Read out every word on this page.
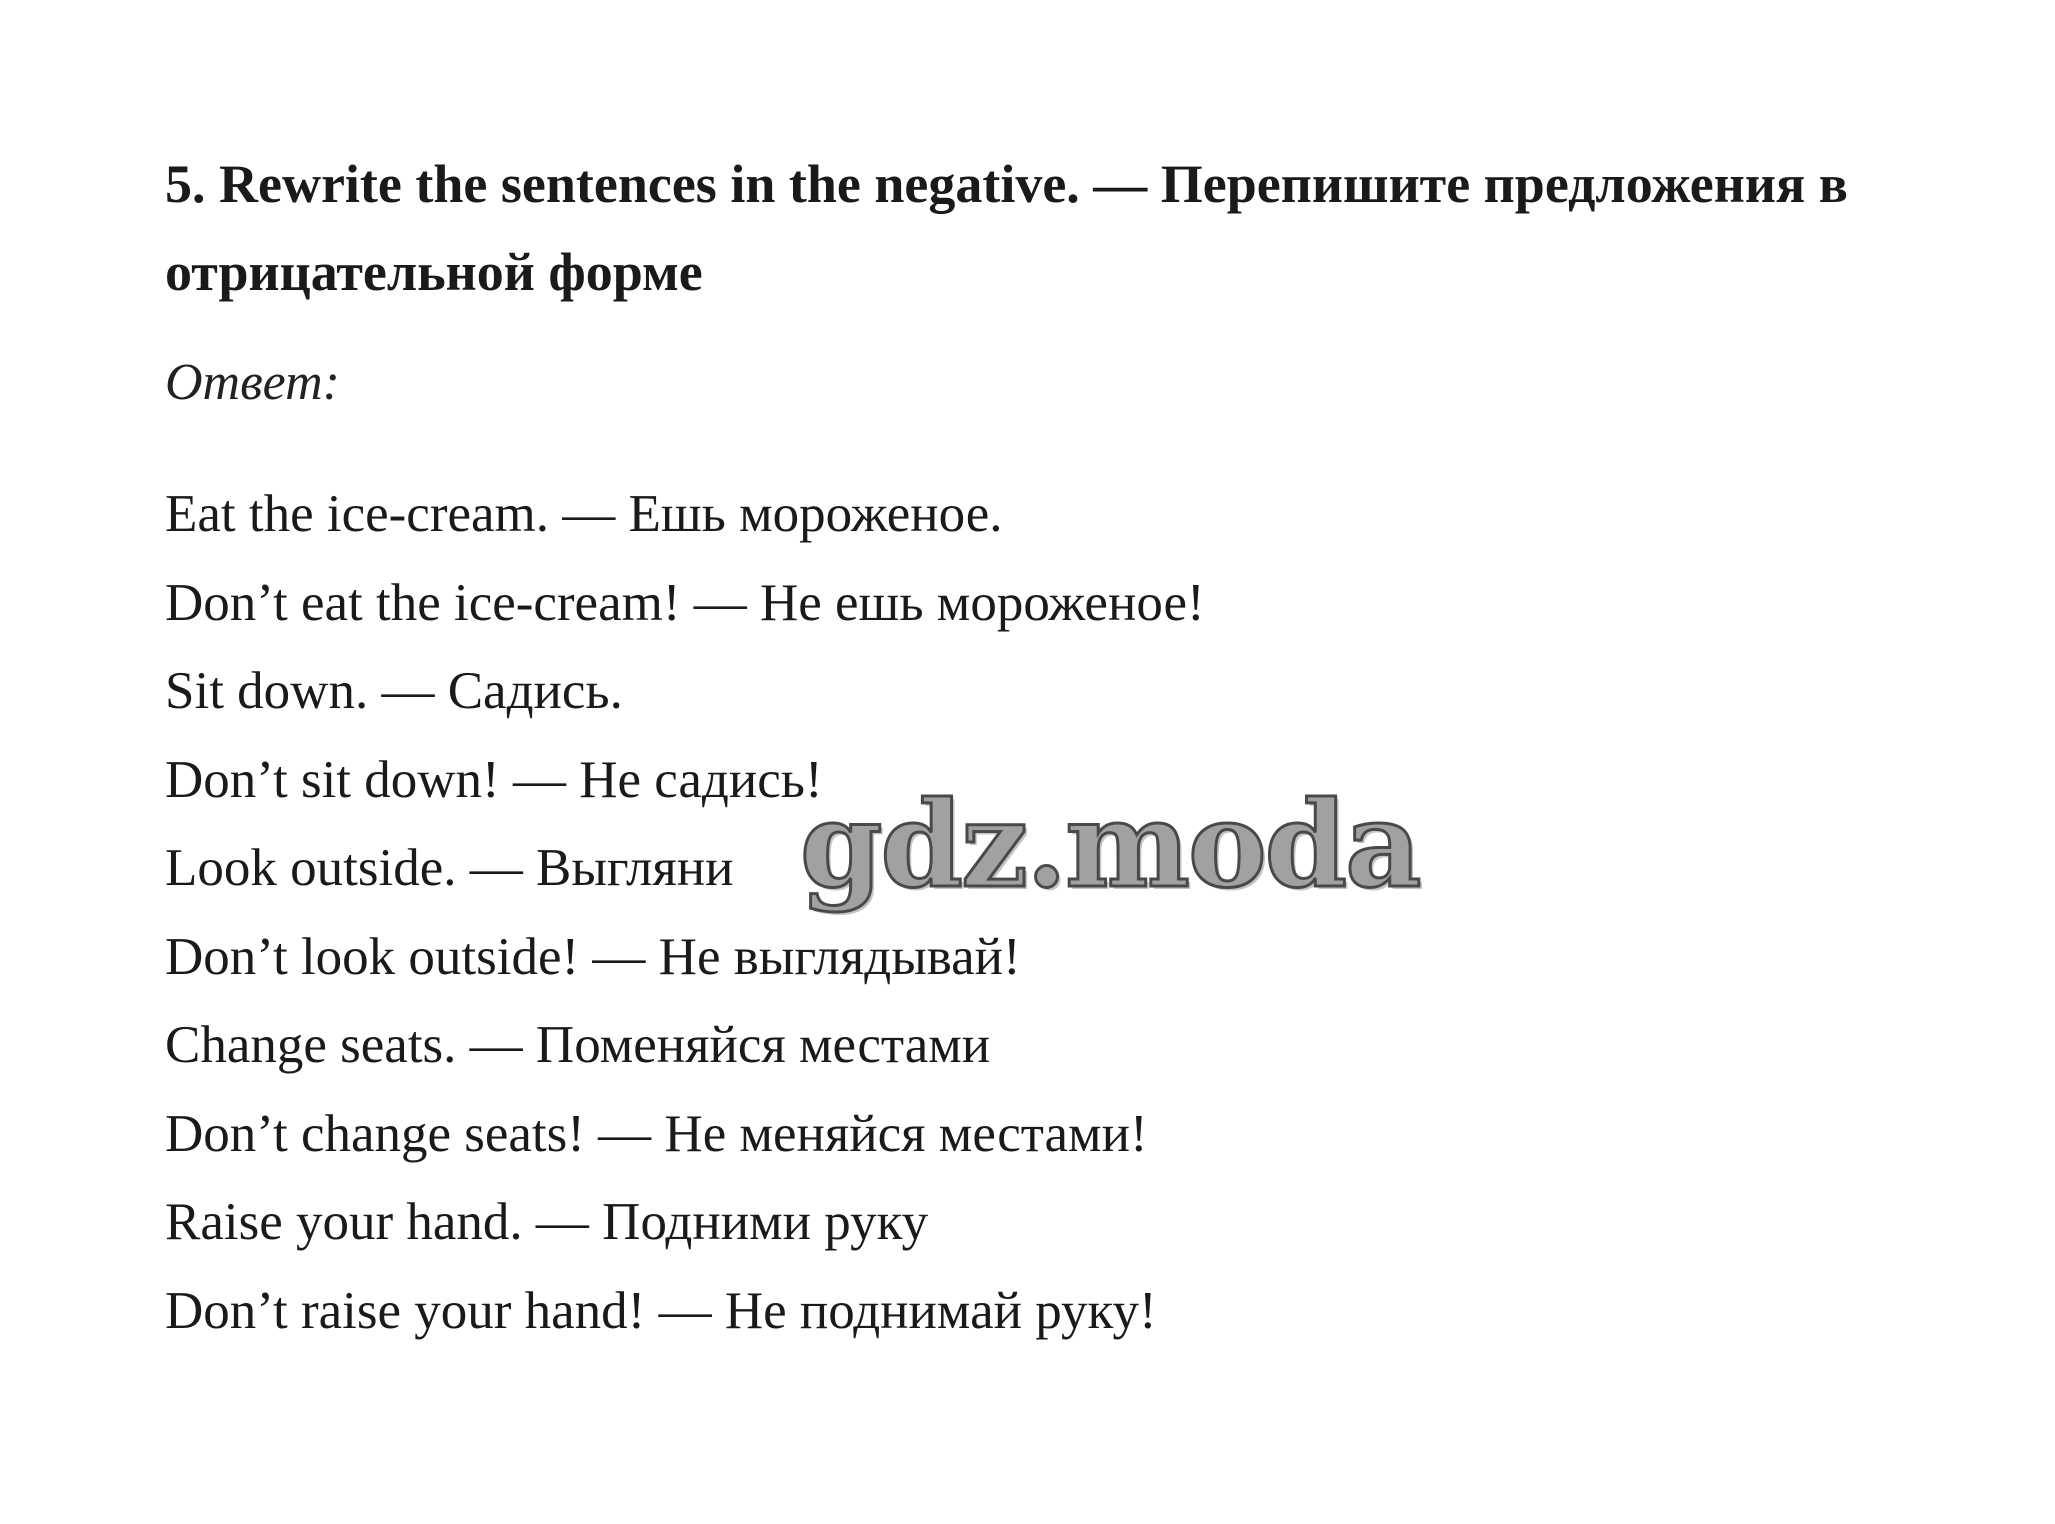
5. Rewrite the sentences in the negative. — Перепишите предложения в отрицательной форме

Ответ:

Eat the ice-cream. — Ешь мороженое.
Don’t eat the ice-cream! — Не ешь мороженое!
Sit down. — Садись.
Don’t sit down! — Не садись!
Look outside. — Выгляни
Don’t look outside! — Не выглядывай!
Change seats. — Поменяйся местами
Don’t change seats! — Не меняйся местами!
Raise your hand. — Подними руку
Don’t raise your hand! — Не поднимай руку!
gdz.moda
